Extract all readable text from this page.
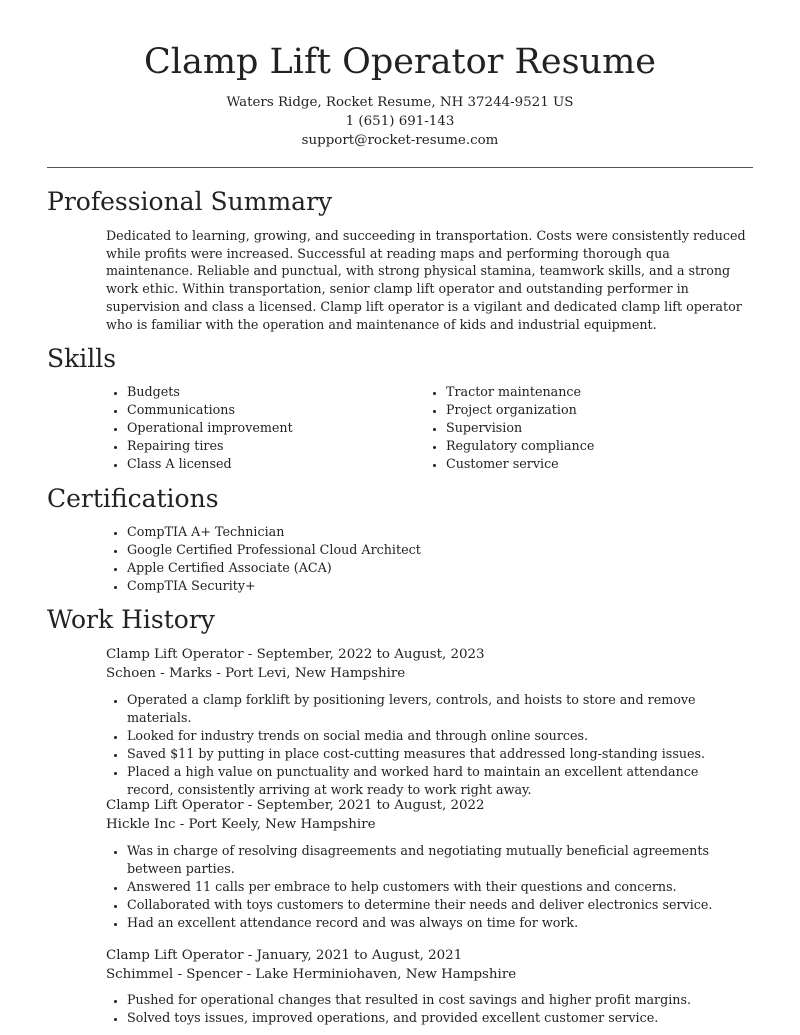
Clamp Lift Operator Resume
Waters Ridge, Rocket Resume, NH 37244-9521 US
1 (651) 691-143
support@rocket-resume.com
Professional Summary

Dedicated to learning, growing, and succeeding in transportation. Costs were consistently reduced while profits were increased. Successful at reading maps and performing thorough qua maintenance. Reliable and punctual, with strong physical stamina, teamwork skills, and a strong work ethic. Within transportation, senior clamp lift operator and outstanding performer in supervision and class a licensed. Clamp lift operator is a vigilant and dedicated clamp lift operator who is familiar with the operation and maintenance of kids and industrial equipment.

Skills
• Budgets
• Communications
• Operational improvement
• Repairing tires
• Class A licensed
• Tractor maintenance
• Project organization
• Supervision
• Regulatory compliance
• Customer service
Certifications
• CompTIA A+ Technician
• Google Certified Professional Cloud Architect
• Apple Certified Associate (ACA)
• CompTIA Security+
Work History
Clamp Lift Operator - September, 2022 to August, 2023
Schoen - Marks - Port Levi, New Hampshire
• Operated a clamp forklift by positioning levers, controls, and hoists to store and remove materials.
• Looked for industry trends on social media and through online sources.
• Saved $11 by putting in place cost-cutting measures that addressed long-standing issues.
• Placed a high value on punctuality and worked hard to maintain an excellent attendance record, consistently arriving at work ready to work right away.
Clamp Lift Operator - September, 2021 to August, 2022
Hickle Inc - Port Keely, New Hampshire
• Was in charge of resolving disagreements and negotiating mutually beneficial agreements between parties.
• Answered 11 calls per embrace to help customers with their questions and concerns.
• Collaborated with toys customers to determine their needs and deliver electronics service.
• Had an excellent attendance record and was always on time for work.
Clamp Lift Operator - January, 2021 to August, 2021
Schimmel - Spencer - Lake Herminiohaven, New Hampshire
• Pushed for operational changes that resulted in cost savings and higher profit margins.
• Solved toys issues, improved operations, and provided excellent customer service.
